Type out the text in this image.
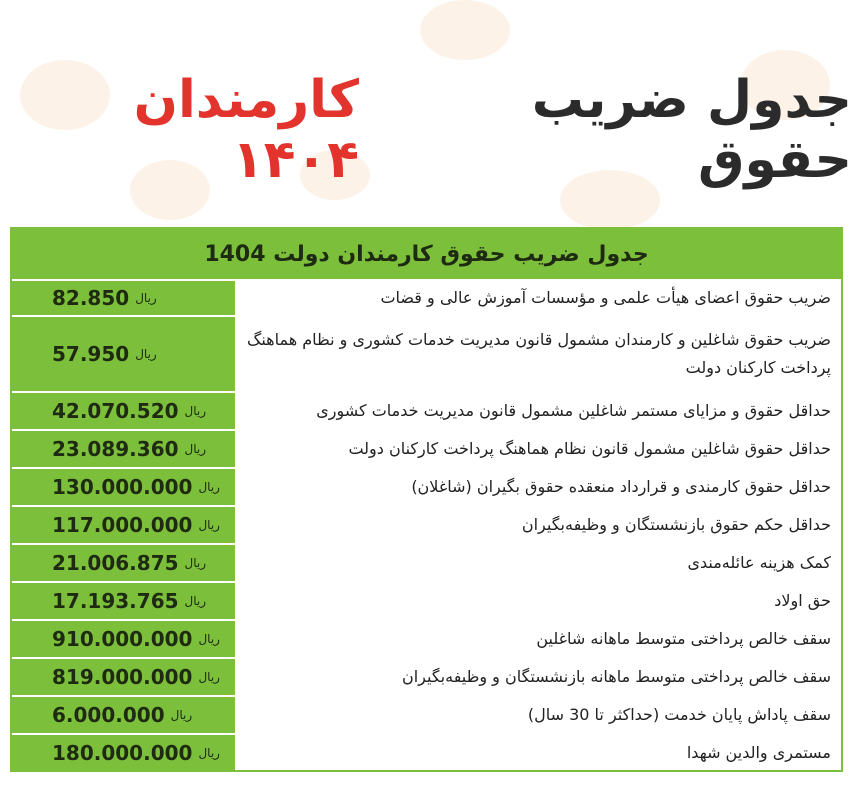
جدول ضریب حقوق
کارمندان ۱۴۰۴
جدول ضریب حقوق کارمندان دولت 1404
ضریب حقوق اعضای هیأت علمی و مؤسسات آموزش عالی و قضات
82.850 ریال
ضریب حقوق شاغلین و کارمندان مشمول قانون مدیریت خدمات کشوری و نظام هماهنگ پرداخت کارکنان دولت
57.950 ریال
حداقل حقوق و مزایای مستمر شاغلین مشمول قانون مدیریت خدمات کشوری
42.070.520 ریال
حداقل حقوق شاغلین مشمول قانون نظام هماهنگ پرداخت کارکنان دولت
23.089.360 ریال
حداقل حقوق کارمندی و قرارداد منعقده حقوق بگیران (شاغلان)
130.000.000 ریال
حداقل حکم حقوق بازنشستگان و وظیفه‌بگیران
117.000.000 ریال
کمک هزینه عائله‌مندی
21.006.875 ریال
حق اولاد
17.193.765 ریال
سقف خالص پرداختی متوسط ماهانه شاغلین
910.000.000 ریال
سقف خالص پرداختی متوسط ماهانه بازنشستگان و وظیفه‌بگیران
819.000.000 ریال
سقف پاداش پایان خدمت (حداکثر تا 30 سال)
6.000.000 ریال
مستمری والدین شهدا
180.000.000 ریال
صفحه اقتصاد
